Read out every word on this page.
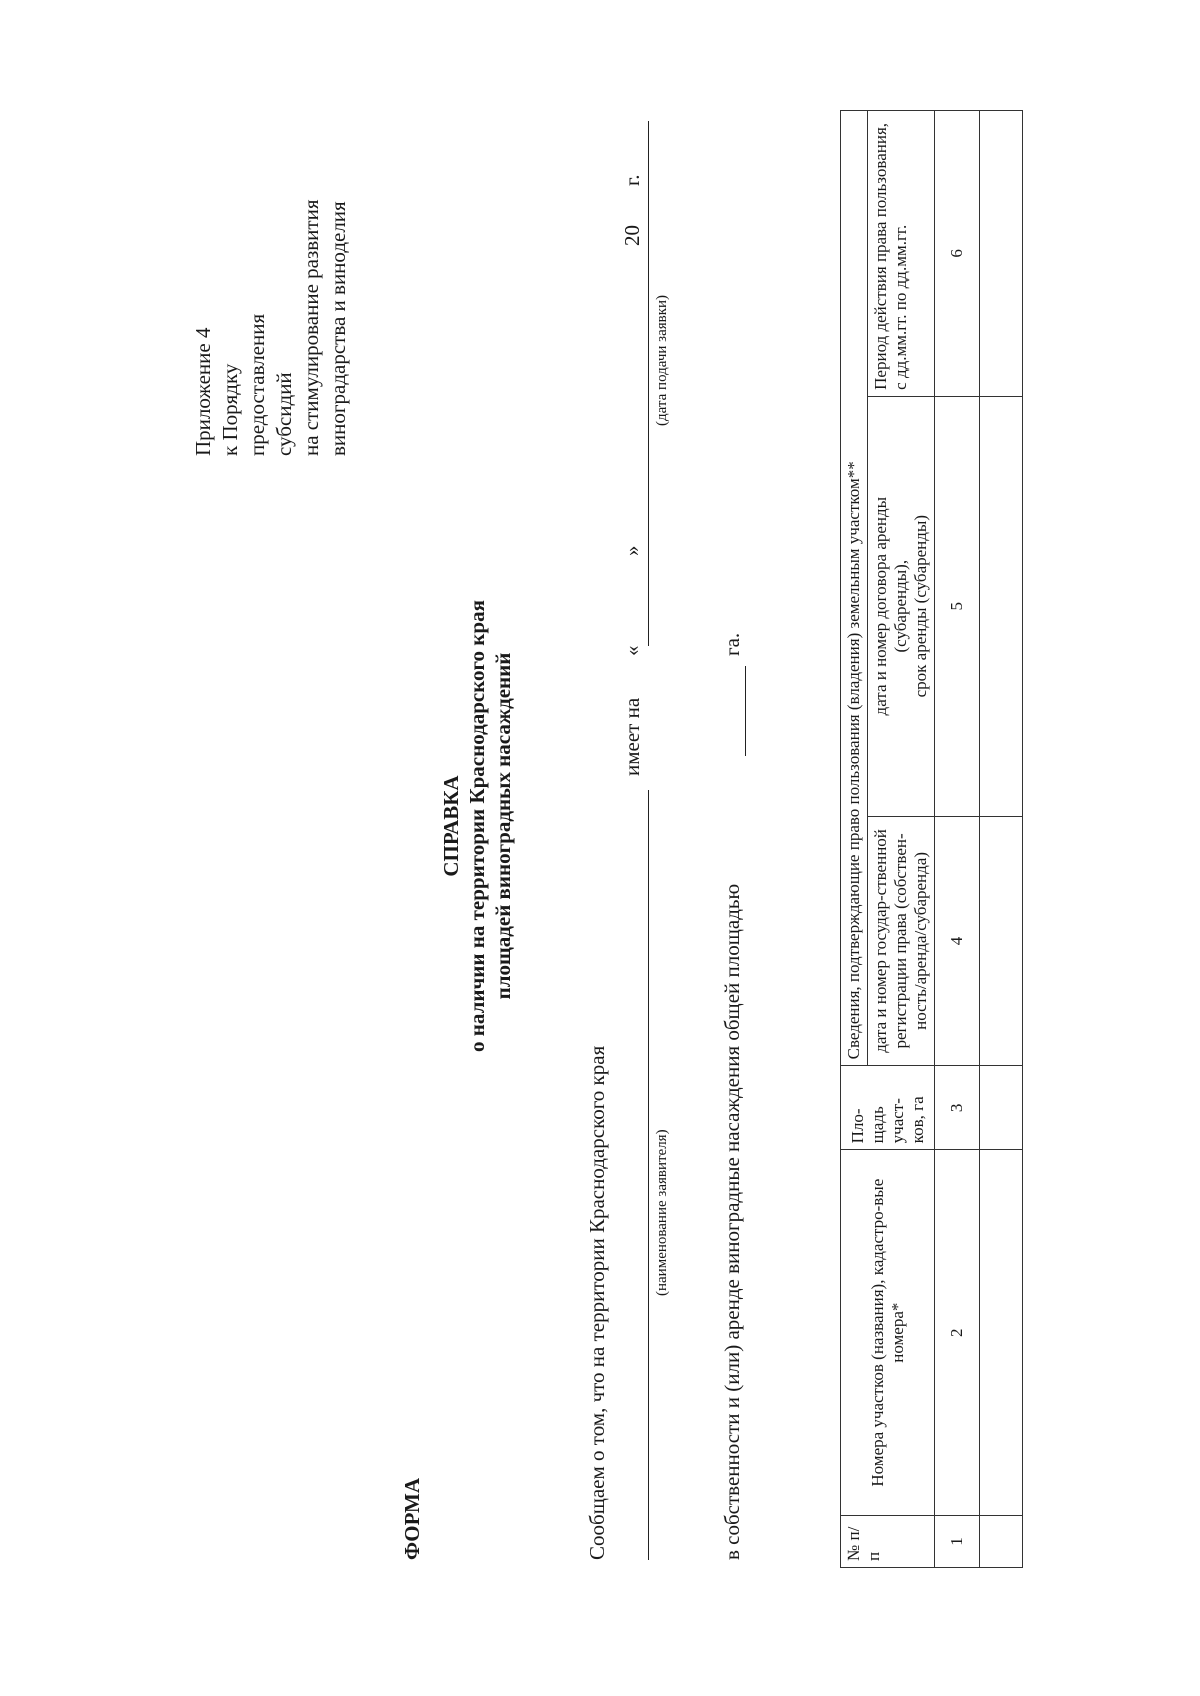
Приложение 4 к Порядку предоставления субсидий на стимулирование развития виноградарства и виноделия
ФОРМА
СПРАВКА о наличии на территории Краснодарского края площадей виноградных насаждений
Сообщаем о том, что на территории Краснодарского края	(наименование заявителя)
имеет на
«
»
20
г.
(дата подачи заявки)
в собственности и (или) аренде виноградные насаждения общей площадью
га.
№ п/п	Номера участков (названия), кадастро-вые номера*	Пло-щадь участ-ков, га	Сведения, подтверждающие право пользования (владения) земельным участком**		
			дата и номер государ-ственной регистрации права (собствен-ность/аренда/субаренда)	дата и номер договора аренды (субаренды), срок аренды (субаренды)	Период действия права пользования, с дд.мм.гг. по дд.мм.гг.
1	2	3	4	5	6
